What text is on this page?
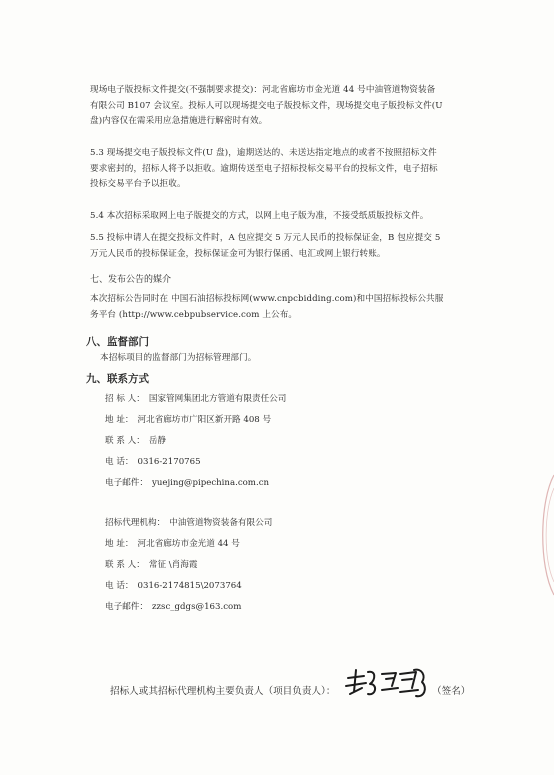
现场电子版投标文件提交(不强制要求提交)：河北省廊坊市金光道 44 号中油管道物资装备
有限公司 B107 会议室。投标人可以现场提交电子版投标文件，现场提交电子版投标文件(U
盘)内容仅在需采用应急措施进行解密时有效。
5.3 现场提交电子版投标文件(U 盘)，逾期送达的、未送达指定地点的或者不按照招标文件
要求密封的，招标人将予以拒收。逾期传送至电子招标投标交易平台的投标文件，电子招标
投标交易平台予以拒收。
5.4 本次招标采取网上电子版提交的方式，以网上电子版为准，不接受纸质版投标文件。
5.5 投标申请人在提交投标文件时，A 包应提交 5 万元人民币的投标保证金，B 包应提交 5
万元人民币的投标保证金，投标保证金可为银行保函、电汇或网上银行转账。
七、发布公告的媒介
本次招标公告同时在 中国石油招标投标网(www.cnpcbidding.com)和中国招标投标公共服
务平台 (http://www.cebpubservice.com 上公布。
八、监督部门
本招标项目的监督部门为招标管理部门。
九、联系方式
招 标 人： 国家管网集团北方管道有限责任公司
地 址： 河北省廊坊市广阳区新开路 408 号
联 系 人： 岳静
电 话： 0316-2170765
电子邮件： yuejing@pipechina.com.cn
招标代理机构： 中油管道物资装备有限公司
地 址： 河北省廊坊市金光道 44 号
联 系 人： 常征 \肖海霞
电 话： 0316-2174815\2073764
电子邮件： zzsc_gdgs@163.com
招标人或其招标代理机构主要负责人（项目负责人）：	（签名）
